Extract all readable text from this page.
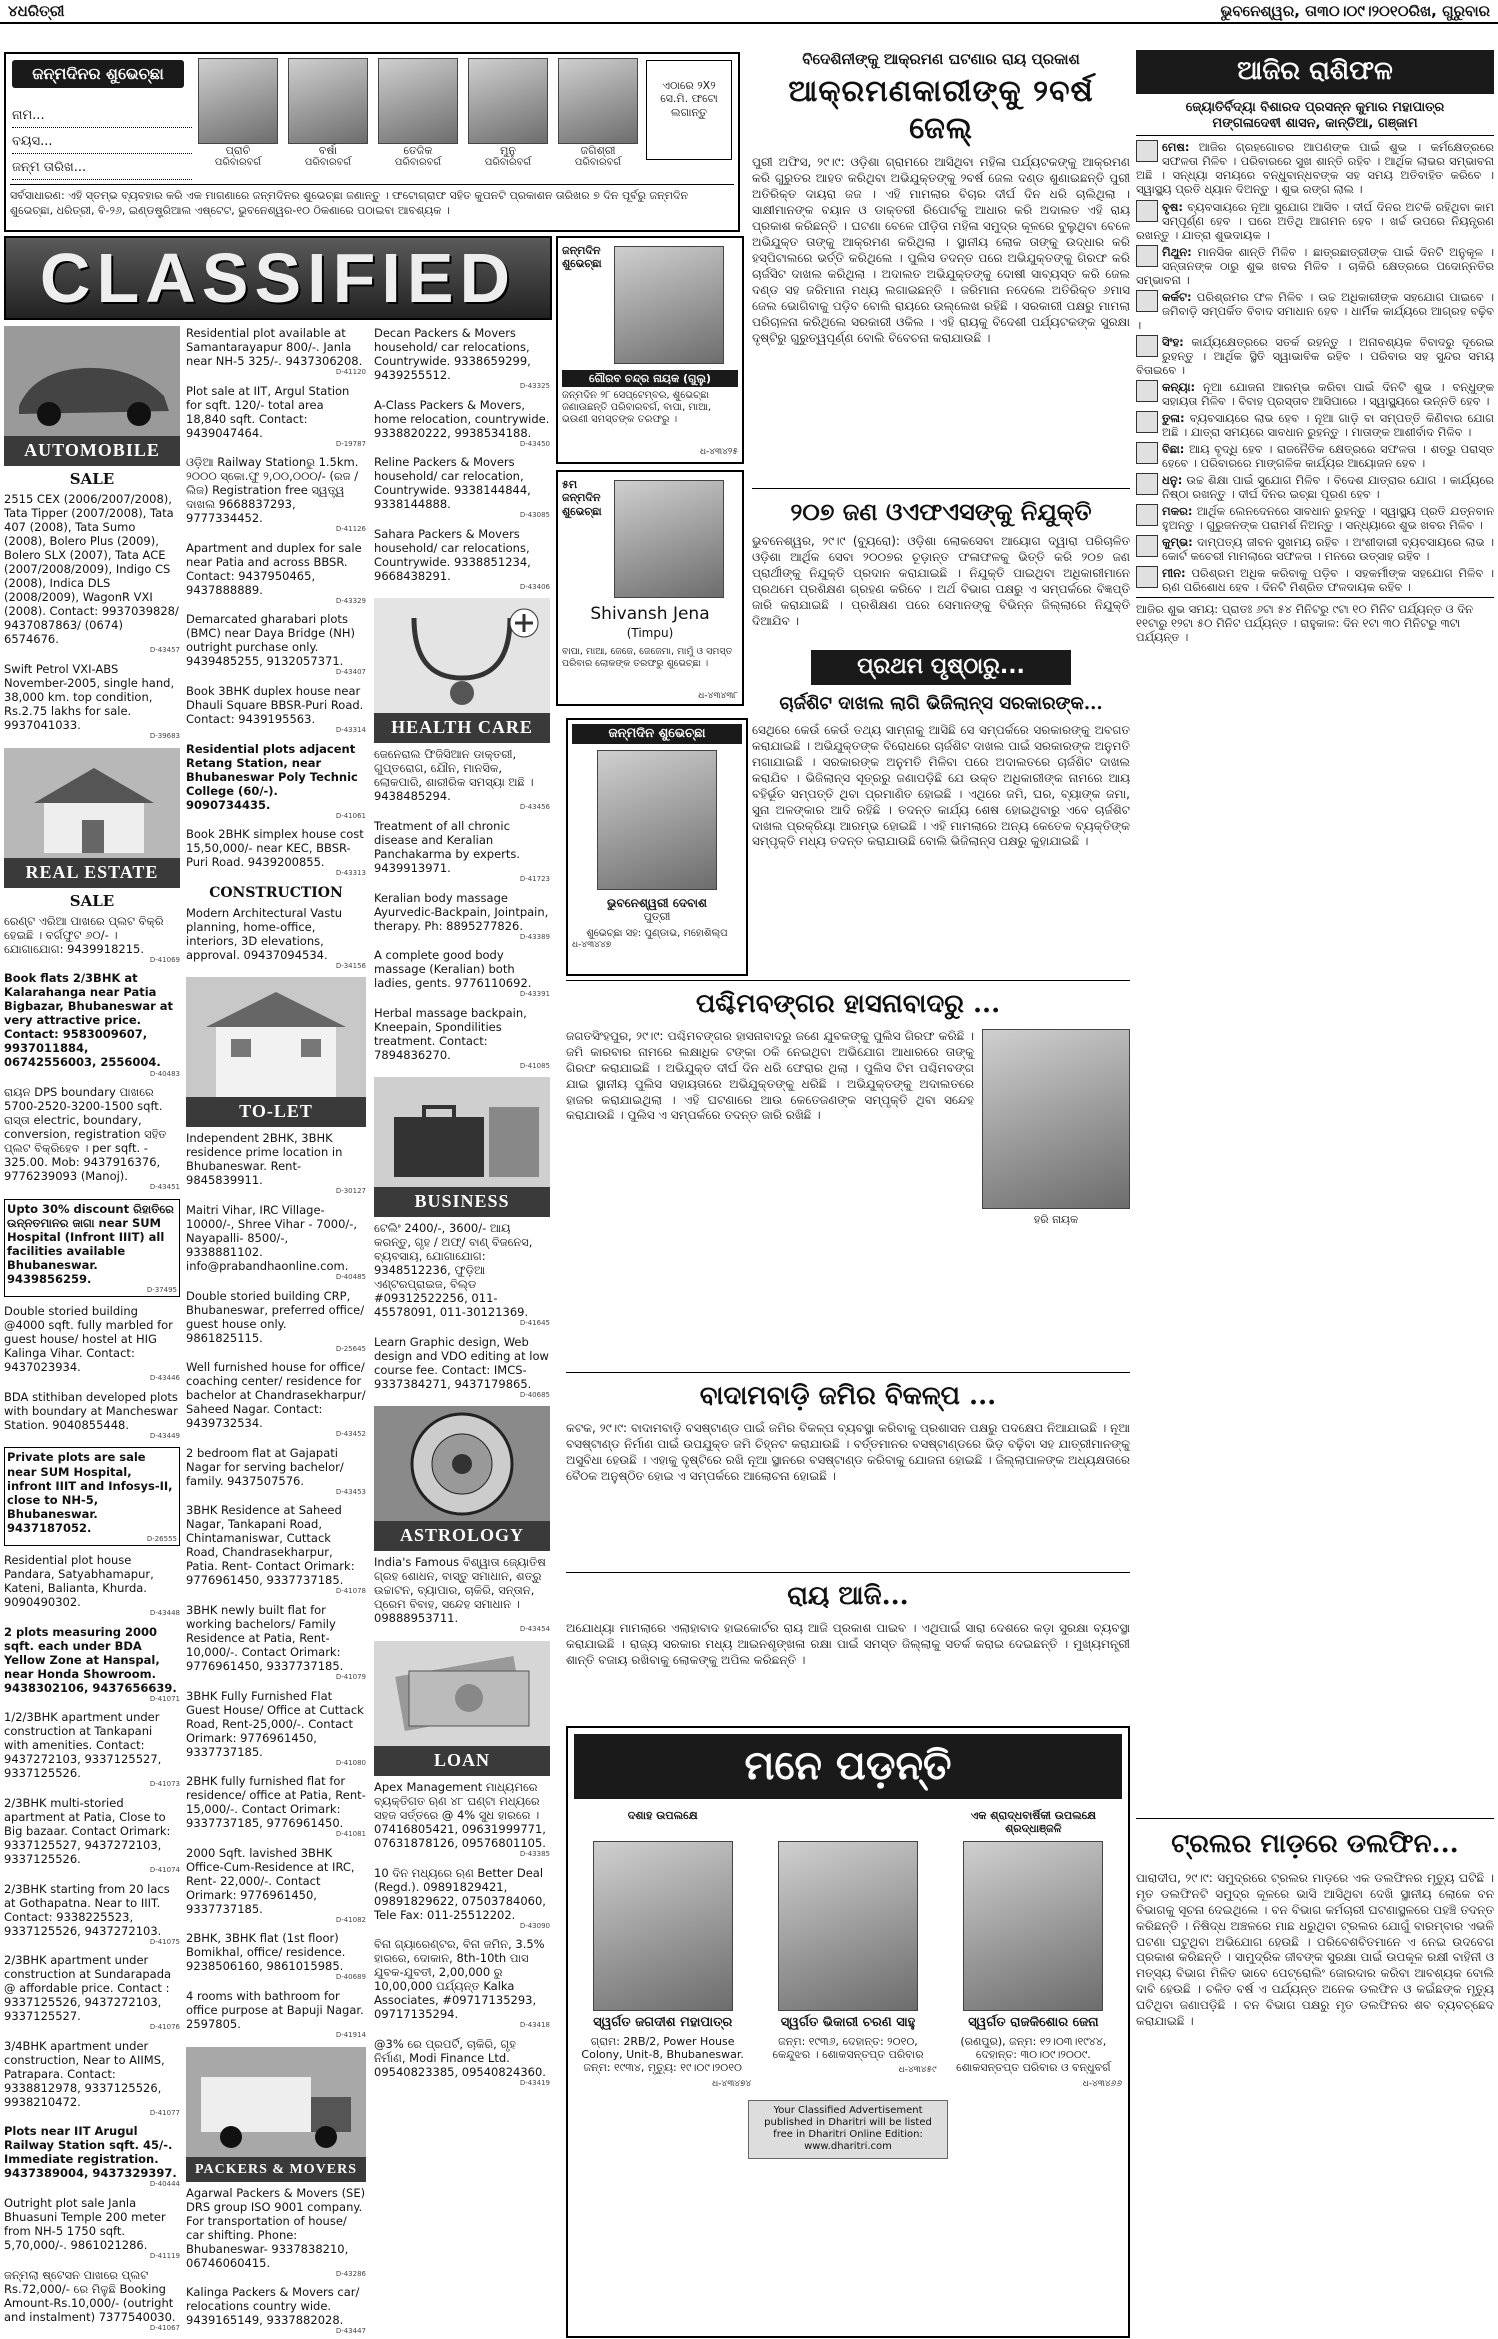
୪ଧରିତ୍ରୀ	ଭୁବନେଶ୍ୱର, ତା୩୦।୦୯।୨୦୧୦ରିଖ, ଗୁରୁବାର
ଜନ୍ମଦିନର ଶୁଭେଚ୍ଛା
ନାମ...
ବୟସ...
ଜନ୍ମ ତାରିଖ...
ପ୍ରାଚି
ପରିବାରବର୍ଗ
ବର୍ଷା
ପରିବାରବର୍ଗ
ତେଜିକ
ପରିବାରବର୍ଗ
ମୁନୁ
ପରିବାରବର୍ଗ
ଜଗିଶ୍ରୀ
ପରିବାରବର୍ଗ
ଏଠାରେ ୨X୨ ସେ.ମି. ଫଟୋ ଲଗାନ୍ତୁ
ସର୍ବସାଧାରଣ: ଏହି ସ୍ତମ୍ଭ ବ୍ୟବହାର କରି ଏକ ମାଗଣାରେ ଜନ୍ମଦିନର ଶୁଭେଚ୍ଛା ଜଣାନ୍ତୁ । ଫଟୋଗ୍ରାଫ ସହିତ କୁପନଟି ପ୍ରକାଶନ ତାରିଖର ୭ ଦିନ ପୂର୍ବରୁ ଜନ୍ମଦିନ ଶୁଭେଚ୍ଛା, ଧରିତ୍ରୀ, ବି-୨୬, ଇଣ୍ଡଷ୍ଟ୍ରିଆଲ ଏଷ୍ଟେଟ, ଭୁବନେଶ୍ୱର-୧୦ ଠିକଣାରେ ପଠାଇବା ଆବଶ୍ୟକ ।
CLASSIFIED
AUTOMOBILE
SALE
2515 CEX (2006/2007/2008), Tata Tipper (2007/2008), Tata 407 (2008), Tata Sumo (2008), Bolero Plus (2009), Bolero SLX (2007), Tata ACE (2007/2008/2009), Indigo CS (2008), Indica DLS (2008/2009), WagonR VXI (2008). Contact: 9937039828/ 9437087863/ (0674) 6574676.
D-43457
Swift Petrol VXI-ABS November-2005, single hand, 38,000 km. top condition, Rs.2.75 lakhs for sale. 9937041033.
D-39683
REAL ESTATE
SALE
ରେଣ୍ଟ ଏରିଆ ପାଖରେ ପ୍ଲଟ ବିକ୍ରି ହେଇଛି । ବର୍ଗଫୁଟ ୬୦/- । ଯୋଗାଯୋଗ: 9439918215.
D-41069
Book flats 2/3BHK at Kalarahanga near Patia Bigbazar, Bhubaneswar at very attractive price. Contact: 9583009607, 9937011884, 06742556003, 2556004.
D-40483
ରାୟନ DPS boundary ପାଖରେ 5700-2520-3200-1500 sqft. ରାସ୍ତା electric, boundary, conversion, registration ସହିତ ପ୍ଲଟ ବିକ୍ରିହେବ । per sqft. - 325.00. Mob: 9437916376, 9776239093 (Manoj).
D-43451
Upto 30% discount ରିହାତିରେ ଉନ୍ନତମାନର ଜାଗା near SUM Hospital (Infront IIIT) all facilities available Bhubaneswar. 9439856259.
D-37495
Double storied building @4000 sqft. fully marbled for guest house/ hostel at HIG Kalinga Vihar. Contact: 9437023934.
D-43446
BDA stithiban developed plots with boundary at Mancheswar Station. 9040855448.
D-43449
Private plots are sale near SUM Hospital, infront IIIT and Infosys-II, close to NH-5, Bhubaneswar. 9437187052.
D-26555
Residential plot house Pandara, Satyabhamapur, Kateni, Balianta, Khurda. 9090490302.
D-43448
2 plots measuring 2000 sqft. each under BDA Yellow Zone at Hanspal, near Honda Showroom. 9438302106, 9437656639.
D-41071
1/2/3BHK apartment under construction at Tankapani with amenities. Contact: 9437272103, 9337125527, 9337125526.
D-41073
2/3BHK multi-storied apartment at Patia, Close to Big bazaar. Contact Orimark: 9337125527, 9437272103, 9337125526.
D-41074
2/3BHK starting from 20 lacs at Gothapatna. Near to IIIT. Contact: 9338225523, 9337125526, 9437272103.
D-41075
2/3BHK apartment under construction at Sundarapada @ affordable price. Contact : 9337125526, 9437272103, 9337125527.
D-41076
3/4BHK apartment under construction, Near to AIIMS, Patrapara. Contact: 9338812978, 9337125526, 9938210472.
D-41077
Plots near IIT Arugul Railway Station sqft. 45/-. Immediate registration. 9437389004, 9437329397.
D-40444
Outright plot sale Janla Bhuasuni Temple 200 meter from NH-5 1750 sqft. 5,70,000/-. 9861021286.
D-41119
ଜନ୍ମଲା ଷ୍ଟେସନ ପାଖରେ ପ୍ଲଟ Rs.72,000/- ରେ ମିଳୁଛି Booking Amount-Rs.10,000/- (outright and instalment) 7377540030.
D-41067
Residential plot available at Samantarayapur 800/-. Janla near NH-5 325/-. 9437306208.
D-41120
Plot sale at IIT, Argul Station for sqft. 120/- total area 18,840 sqft. Contact: 9439047464.
D-19787
ଓଡ଼ିଆ Railway Stationରୁ 1.5km. ୨୦୦୦ ସ୍କୋ.ଫୁ ୨,୦୦,୦୦୦/- (ରଜ / ଲିଜ) Registration free ସ୍ୱତ୍ତ୍ୱ ଦାଖଲ 9668837293, 9777334452.
D-41126
Apartment and duplex for sale near Patia and across BBSR. Contact: 9437950465, 9437888889.
D-43329
Demarcated gharabari plots (BMC) near Daya Bridge (NH) outright purchase only. 9439485255, 9132057371.
D-43407
Book 3BHK duplex house near Dhauli Square BBSR-Puri Road. Contact: 9439195563.
D-43314
Residential plots adjacent Retang Station, near Bhubaneswar Poly Technic College (60/-). 9090734435.
D-41061
Book 2BHK simplex house cost 15,50,000/- near KEC, BBSR-Puri Road. 9439200855.
D-43313
CONSTRUCTION
Modern Architectural Vastu planning, home-office, interiors, 3D elevations, approval. 09437094534.
D-34156
TO-LET
Independent 2BHK, 3BHK residence prime location in Bhubaneswar. Rent- 9845839911.
D-30127
Maitri Vihar, IRC Village- 10000/-, Shree Vihar - 7000/-, Nayapalli- 8500/-, 9338881102. info@prabandhaonline.com.
D-40485
Double storied building CRP, Bhubaneswar, preferred office/ guest house only. 9861825115.
D-25645
Well furnished house for office/ coaching center/ residence for bachelor at Chandrasekharpur/ Saheed Nagar. Contact: 9439732534.
D-43452
2 bedroom flat at Gajapati Nagar for serving bachelor/ family. 9437507576.
D-43453
3BHK Residence at Saheed Nagar, Tankapani Road, Chintamaniswar, Cuttack Road, Chandrasekharpur, Patia. Rent- Contact Orimark: 9776961450, 9337737185.
D-41078
3BHK newly built flat for working bachelors/ Family Residence at Patia, Rent- 10,000/-. Contact Orimark: 9776961450, 9337737185.
D-41079
3BHK Fully Furnished Flat Guest House/ Office at Cuttack Road, Rent-25,000/-. Contact Orimark: 9776961450, 9337737185.
D-41080
2BHK fully furnished flat for residence/ office at Patia, Rent-15,000/-. Contact Orimark: 9337737185, 9776961450.
D-41081
2000 Sqft. lavished 3BHK Office-Cum-Residence at IRC, Rent- 22,000/-. Contact Orimark: 9776961450, 9337737185.
D-41082
2BHK, 3BHK flat (1st floor) Bomikhal, office/ residence. 9238506160, 9861015985.
D-40689
4 rooms with bathroom for office purpose at Bapuji Nagar. 2597805.
D-41914
PACKERS & MOVERS
Agarwal Packers & Movers (SE) DRS group ISO 9001 company. For transportation of house/ car shifting. Phone: Bhubaneswar- 9337838210, 06746060415.
D-43286
Kalinga Packers & Movers car/ relocations country wide. 9439165149, 9337882028.
D-43447
Decan Packers & Movers household/ car relocations, Countrywide. 9338659299, 9439255512.
D-43325
A-Class Packers & Movers, home relocation, countrywide. 9338820222, 9938534188.
D-43450
Reline Packers & Movers household/ car relocation, Countrywide. 9338144844, 9338144888.
D-43085
Sahara Packers & Movers household/ car relocations, Countrywide. 9338851234, 9668438291.
D-43406
HEALTH CARE
ଜେନେରାଲ ଫିଜିସିଆନ ଡାକ୍ତରୀ, ଗୁପ୍ତରୋଗ, ଯୌନ, ମାନସିକ, ଲୋକପାରି, ଶାରୀରିକ ସମସ୍ୟା ଅଛି । 9438485294.
D-43456
Treatment of all chronic disease and Keralian Panchakarma by experts. 9439913971.
D-41723
Keralian body massage Ayurvedic-Backpain, Jointpain, therapy. Ph: 8895277826.
D-43389
A complete good body massage (Keralian) both ladies, gents. 9776110692.
D-43391
Herbal massage backpain, Kneepain, Spondilities treatment. Contact: 7894836270.
D-41085
BUSINESS
ଟେଲିଂ 2400/-, 3600/- ଆୟ କରନ୍ତୁ, ଗୃହ / ଅଫ୍/ ବାଣ୍ ବିଜନେସ, ବ୍ୟବସାୟ, ଯୋଗାଯୋଗ: 9348512236, ଫୁଡ଼ିଆ ଏଣ୍ଟରପ୍ରାଇଜ, ବିଲ୍ଡ #09312522256, 011-45578091, 011-30121369.
D-41645
Learn Graphic design, Web design and VDO editing at low course fee. Contact: IMCS- 9337384271, 9437179865.
D-40685
ASTROLOGY
India's Famous ବିଶ୍ୱାତା ଜ୍ୟୋତିଷ ଗ୍ରହ ଶୋଧନ, ବାସ୍ତୁ ସମାଧାନ, ଶତ୍ରୁ ଉଚ୍ଚାଟନ, ବ୍ୟାପାର, ଚାକିରି, ସନ୍ତାନ, ପ୍ରେମ ବିବାହ, ସନ୍ଦେହ ସମାଧାନ । 09888953711.
D-43454
LOAN
Apex Management ମାଧ୍ୟମରେ ବ୍ୟକ୍ତିଗତ ଋଣ ୪୮ ଘଣ୍ଟା ମଧ୍ୟରେ ସହଜ ସର୍ତ୍ତରେ @ 4% ସୁଧ ହାରରେ । 07416805421, 09631999771, 07631878126, 09576801105.
D-43385
10 ଦିନ ମଧ୍ୟରେ ଋଣ Better Deal (Regd.). 09891829421, 09891829622, 07503784060, Tele Fax: 011-25512202.
D-43090
ବିନା ଗ୍ୟାରେଣ୍ଟର, ବିନା ଜମିନ, 3.5% ହାରରେ, ଦୋକାନ, 8th-10th ପାସ ଯୁବକ-ଯୁବତୀ, 2,00,000 ରୁ 10,00,000 ପର୍ଯ୍ୟନ୍ତ Kalka Associates, #09717135293, 09717135294.
D-43418
@3% ରେ ପ୍ରପର୍ଟି, ଚାକିରି, ଗୃହ ନିର୍ମାଣ, Modi Finance Ltd. 09540823385, 09540824360.
D-43419
ଜନ୍ମଦିନ ଶୁଭେଚ୍ଛା
ଗୌରବ ଚନ୍ଦ୍ର ନାୟକ (ଗୁଲୁ)
ଜନ୍ମଦିନ ୨୮ ସେପ୍ଟେମ୍ବର, ଶୁଭେଚ୍ଛା ଜଣାଉଛନ୍ତି ପରିବାରବର୍ଗ, ବାପା, ମାଆ, ଭଉଣୀ ସମସ୍ତଙ୍କ ତରଫରୁ ।
ଧ-୪୩୪୨୫
୫ମ ଜନ୍ମଦିନ ଶୁଭେଚ୍ଛା
Shivansh Jena
(Timpu)
ବାପା, ମାଆ, ଜେଜେ, ଜେଜେମା, ମାମୁଁ ଓ ସମସ୍ତ ପରିବାର ଲୋକଙ୍କ ତରଫରୁ ଶୁଭେଚ୍ଛା ।
ଧ-୪୩୪୩୮
ଜନ୍ମଦିନ ଶୁଭେଚ୍ଛା
ଭୁବନେଶ୍ୱରୀ ଦେବାଶ
ପୁତ୍ରୀ
ଶୁଭେଚ୍ଛା ସହ: ପୁଣ୍ଡାଭ, ମହୋଶିଲ୍ପ
ଧ-୪୩୪୪୭
ବିଦେଶିନୀଙ୍କୁ ଆକ୍ରମଣ ଘଟଣାର ରାୟ ପ୍ରକାଶ
ଆକ୍ରମଣକାରୀଙ୍କୁ ୨ବର୍ଷ ଜେଲ୍

ପୁରୀ ଅଫିସ, ୨୯।୯: ଓଡ଼ିଶା ଗ୍ରାମରେ ଆସିଥିବା ମହିଳା ପର୍ଯ୍ୟଟକଙ୍କୁ ଆକ୍ରମଣ କରି ଗୁରୁତର ଆହତ କରିଥିବା ଅଭିଯୁକ୍ତଙ୍କୁ ୨ବର୍ଷ ଜେଲ ଦଣ୍ଡ ଶୁଣାଇଛନ୍ତି ପୁରୀ ଅତିରିକ୍ତ ଦାୟରା ଜଜ । ଏହି ମାମଲାର ବିଚାର ଦୀର୍ଘ ଦିନ ଧରି ଚାଲିଥିଲା । ସାକ୍ଷୀମାନଙ୍କ ବୟାନ ଓ ଡାକ୍ତରୀ ରିପୋର୍ଟକୁ ଆଧାର କରି ଅଦାଲତ ଏହି ରାୟ ପ୍ରକାଶ କରିଛନ୍ତି । ଘଟଣା ବେଳେ ପୀଡ଼ିତା ମହିଳା ସମୁଦ୍ର କୂଳରେ ବୁଲୁଥିବା ବେଳେ ଅଭିଯୁକ୍ତ ତାଙ୍କୁ ଆକ୍ରମଣ କରିଥିଲା । ସ୍ଥାନୀୟ ଲୋକ ତାଙ୍କୁ ଉଦ୍ଧାର କରି ହସ୍ପିଟାଲରେ ଭର୍ତ୍ତି କରିଥିଲେ । ପୁଲିସ ତଦନ୍ତ ପରେ ଅଭିଯୁକ୍ତଙ୍କୁ ଗିରଫ କରି ଚାର୍ଜସିଟ ଦାଖଲ କରିଥିଲା । ଅଦାଲତ ଅଭିଯୁକ୍ତଙ୍କୁ ଦୋଷୀ ସାବ୍ୟସ୍ତ କରି ଜେଲ ଦଣ୍ଡ ସହ ଜରିମାନା ମଧ୍ୟ ଲଗାଇଛନ୍ତି । ଜରିମାନା ନଦେଲେ ଅତିରିକ୍ତ ୬ମାସ ଜେଲ ଭୋଗିବାକୁ ପଡ଼ିବ ବୋଲି ରାୟରେ ଉଲ୍ଲେଖ ରହିଛି । ସରକାରୀ ପକ୍ଷରୁ ମାମଲା ପରିଚାଳନା କରିଥିଲେ ସରକାରୀ ଓକିଲ । ଏହି ରାୟକୁ ବିଦେଶୀ ପର୍ଯ୍ୟଟକଙ୍କ ସୁରକ୍ଷା ଦୃଷ୍ଟିରୁ ଗୁରୁତ୍ୱପୂର୍ଣ୍ଣ ବୋଲି ବିବେଚନା କରାଯାଉଛି ।

୨୦୭ ଜଣ ଓଏଫଏସଙ୍କୁ ନିଯୁକ୍ତି

ଭୁବନେଶ୍ୱର, ୨୯।୯ (ବ୍ୟୁରୋ): ଓଡ଼ିଶା ଲୋକସେବା ଆୟୋଗ ଦ୍ୱାରା ପରିଚାଳିତ ଓଡ଼ିଶା ଆର୍ଥିକ ସେବା ୨୦୦୭ର ଚୂଡ଼ାନ୍ତ ଫଳାଫଳକୁ ଭିତ୍ତି କରି ୨୦୭ ଜଣ ପ୍ରାର୍ଥୀଙ୍କୁ ନିଯୁକ୍ତି ପ୍ରଦାନ କରାଯାଇଛି । ନିଯୁକ୍ତି ପାଇଥିବା ଅଧିକାରୀମାନେ ପ୍ରଥମେ ପ୍ରଶିକ୍ଷଣ ଗ୍ରହଣ କରିବେ । ଅର୍ଥ ବିଭାଗ ପକ୍ଷରୁ ଏ ସମ୍ପର୍କରେ ବିଜ୍ଞପ୍ତି ଜାରି କରାଯାଇଛି । ପ୍ରଶିକ୍ଷଣ ପରେ ସେମାନଙ୍କୁ ବିଭିନ୍ନ ଜିଲ୍ଲାରେ ନିଯୁକ୍ତି ଦିଆଯିବ ।

ପ୍ରଥମ ପୃଷ୍ଠାରୁ...
ଚାର୍ଜଶିଟ ଦାଖଲ ଲାଗି ଭିଜିଲାନ୍ସ ସରକାରଙ୍କ...

ସେଥିରେ କେଉଁ କେଉଁ ତଥ୍ୟ ସାମ୍ନାକୁ ଆସିଛି ସେ ସମ୍ପର୍କରେ ସରକାରଙ୍କୁ ଅବଗତ କରାଯାଇଛି । ଅଭିଯୁକ୍ତଙ୍କ ବିରୋଧରେ ଚାର୍ଜଶିଟ ଦାଖଲ ପାଇଁ ସରକାରଙ୍କ ଅନୁମତି ମଗାଯାଇଛି । ସରକାରଙ୍କ ଅନୁମତି ମିଳିବା ପରେ ଅଦାଲତରେ ଚାର୍ଜଶିଟ ଦାଖଲ କରାଯିବ । ଭିଜିଲାନ୍ସ ସୂତ୍ରରୁ ଜଣାପଡ଼ିଛି ଯେ ଉକ୍ତ ଅଧିକାରୀଙ୍କ ନାମରେ ଆୟ ବହିର୍ଭୂତ ସମ୍ପତ୍ତି ଥିବା ପ୍ରମାଣିତ ହୋଇଛି । ଏଥିରେ ଜମି, ଘର, ବ୍ୟାଙ୍କ ଜମା, ସୁନା ଅଳଙ୍କାର ଆଦି ରହିଛି । ତଦନ୍ତ କାର୍ଯ୍ୟ ଶେଷ ହୋଇଥିବାରୁ ଏବେ ଚାର୍ଜଶିଟ ଦାଖଲ ପ୍ରକ୍ରିୟା ଆରମ୍ଭ ହୋଇଛି । ଏହି ମାମଲାରେ ଅନ୍ୟ କେତେକ ବ୍ୟକ୍ତିଙ୍କ ସମ୍ପୃକ୍ତି ମଧ୍ୟ ତଦନ୍ତ କରାଯାଉଛି ବୋଲି ଭିଜିଲାନ୍ସ ପକ୍ଷରୁ କୁହାଯାଇଛି ।

ପଶ୍ଚିମବଙ୍ଗର ହାସନାବାଦରୁ ...
ହରି ନାୟକ

ଜଗତସିଂହପୁର, ୨୯।୯: ପଶ୍ଚିମବଙ୍ଗର ହାସନାବାଦରୁ ଜଣେ ଯୁବକଙ୍କୁ ପୁଲିସ ଗିରଫ କରିଛି । ଜମି କାରବାର ନାମରେ ଲକ୍ଷାଧିକ ଟଙ୍କା ଠକି ନେଇଥିବା ଅଭିଯୋଗ ଆଧାରରେ ତାଙ୍କୁ ଗିରଫ କରାଯାଇଛି । ଅଭିଯୁକ୍ତ ଦୀର୍ଘ ଦିନ ଧରି ଫେରାର ଥିଲା । ପୁଲିସ ଟିମ ପଶ୍ଚିମବଙ୍ଗ ଯାଇ ସ୍ଥାନୀୟ ପୁଲିସ ସହାୟତାରେ ଅଭିଯୁକ୍ତଙ୍କୁ ଧରିଛି । ଅଭିଯୁକ୍ତଙ୍କୁ ଅଦାଲତରେ ହାଜର କରାଯାଇଥିଲା । ଏହି ଘଟଣାରେ ଆଉ କେତେଜଣଙ୍କ ସମ୍ପୃକ୍ତି ଥିବା ସନ୍ଦେହ କରାଯାଉଛି । ପୁଲିସ ଏ ସମ୍ପର୍କରେ ତଦନ୍ତ ଜାରି ରଖିଛି ।

ବାଦାମବାଡ଼ି ଜମିର ବିକଳ୍ପ ...

କଟକ, ୨୯।୯: ବାଦାମବାଡ଼ି ବସଷ୍ଟାଣ୍ଡ ପାଇଁ ଜମିର ବିକଳ୍ପ ବ୍ୟବସ୍ଥା କରିବାକୁ ପ୍ରଶାସନ ପକ୍ଷରୁ ପଦକ୍ଷେପ ନିଆଯାଇଛି । ନୂଆ ବସଷ୍ଟାଣ୍ଡ ନିର୍ମାଣ ପାଇଁ ଉପଯୁକ୍ତ ଜମି ଚିହ୍ନଟ କରାଯାଉଛି । ବର୍ତ୍ତମାନର ବସଷ୍ଟାଣ୍ଡରେ ଭିଡ଼ ବଢ଼ିବା ସହ ଯାତ୍ରୀମାନଙ୍କୁ ଅସୁବିଧା ହେଉଛି । ଏହାକୁ ଦୃଷ୍ଟିରେ ରଖି ନୂଆ ସ୍ଥାନରେ ବସଷ୍ଟାଣ୍ଡ କରିବାକୁ ଯୋଜନା ହୋଇଛି । ଜିଲ୍ଲାପାଳଙ୍କ ଅଧ୍ୟକ୍ଷତାରେ ବୈଠକ ଅନୁଷ୍ଠିତ ହୋଇ ଏ ସମ୍ପର୍କରେ ଆଲୋଚନା ହୋଇଛି ।

ରାୟ ଆଜି...

ଅଯୋଧ୍ୟା ମାମଲାରେ ଏଲାହାବାଦ ହାଇକୋର୍ଟର ରାୟ ଆଜି ପ୍ରକାଶ ପାଇବ । ଏଥିପାଇଁ ସାରା ଦେଶରେ କଡ଼ା ସୁରକ୍ଷା ବ୍ୟବସ୍ଥା କରାଯାଇଛି । ରାଜ୍ୟ ସରକାର ମଧ୍ୟ ଆଇନଶୃଙ୍ଖଳା ରକ୍ଷା ପାଇଁ ସମସ୍ତ ଜିଲ୍ଲାକୁ ସତର୍କ କରାଇ ଦେଇଛନ୍ତି । ମୁଖ୍ୟମନ୍ତ୍ରୀ ଶାନ୍ତି ବଜାୟ ରଖିବାକୁ ଲୋକଙ୍କୁ ଅପିଲ କରିଛନ୍ତି ।

ମନେ ପଡ଼ନ୍ତି
ଦଶାହ ଉପଲକ୍ଷେ
ସ୍ୱର୍ଗତ ଜଗଦୀଶ ମହାପାତ୍ର
ଗ୍ରାମ: 2RB/2, Power House Colony, Unit-8, Bhubaneswar. ଜନ୍ମ: ୧୯୩୪, ମୃତ୍ୟୁ: ୧୯।୦୯।୨୦୧୦
ଧ-୪୩୪୭୪
ସ୍ୱର୍ଗତ ଭିକାରୀ ଚରଣ ସାହୁ
ଜନ୍ମ: ୧୯୩୬, ଦେହାନ୍ତ: ୨୦୧୦, କେନ୍ଦୁଝର । ଶୋକସନ୍ତପ୍ତ ପରିବାର
ଧ-୪୩୪୫୯
ଏକ ଶ୍ରାଦ୍ଧବାର୍ଷିକୀ ଉପଲକ୍ଷେ ଶ୍ରଦ୍ଧାଞ୍ଜଳି
ସ୍ୱର୍ଗତ ରାଜକିଶୋର ଜେନା
(ରଣପୁର), ଜନ୍ମ: ୧୨।୦୩।୧୯୪୪, ଦେହାନ୍ତ: ୩୦।୦୯।୨୦୦୯. ଶୋକସନ୍ତପ୍ତ ପରିବାର ଓ ବନ୍ଧୁବର୍ଗ
ଧ-୪୩୪୬୬
Your Classified Advertisement published in Dharitri will be listed free in Dharitri Online Edition: www.dharitri.com
ଆଜିର ରାଶିଫଳ
ଜ୍ୟୋତିର୍ବିଦ୍ୟା ବିଶାରଦ ପ୍ରସନ୍ନ କୁମାର ମହାପାତ୍ର
ମଙ୍ଗଳାଦେଵୀ ଶାସନ, କାନ୍ତିଆ, ଗଞ୍ଜାମ

ମେଷ: ଆଜିର ଗ୍ରହଗୋଚର ଆପଣଙ୍କ ପାଇଁ ଶୁଭ । କର୍ମକ୍ଷେତ୍ରରେ ସଫଳତା ମିଳିବ । ପରିବାରରେ ସୁଖ ଶାନ୍ତି ରହିବ । ଆର୍ଥିକ ଲାଭର ସମ୍ଭାବନା ଅଛି । ସନ୍ଧ୍ୟା ସମୟରେ ବନ୍ଧୁବାନ୍ଧବଙ୍କ ସହ ସମୟ ଅତିବାହିତ କରିବେ । ସ୍ୱାସ୍ଥ୍ୟ ପ୍ରତି ଧ୍ୟାନ ଦିଅନ୍ତୁ । ଶୁଭ ରଙ୍ଗ ଲାଲ ।

ବୃଷ: ବ୍ୟବସାୟରେ ନୂଆ ସୁଯୋଗ ଆସିବ । ଦୀର୍ଘ ଦିନର ଅଟକି ରହିଥିବା କାମ ସମ୍ପୂର୍ଣ୍ଣ ହେବ । ଘରେ ଅତିଥି ଆଗମନ ହେବ । ଖର୍ଚ୍ଚ ଉପରେ ନିୟନ୍ତ୍ରଣ ରଖନ୍ତୁ । ଯାତ୍ରା ଶୁଭଦାୟକ ।

ମିଥୁନ: ମାନସିକ ଶାନ୍ତି ମିଳିବ । ଛାତ୍ରଛାତ୍ରୀଙ୍କ ପାଇଁ ଦିନଟି ଅନୁକୂଳ । ସନ୍ତାନଙ୍କ ଠାରୁ ଶୁଭ ଖବର ମିଳିବ । ଚାକିରି କ୍ଷେତ୍ରରେ ପଦୋନ୍ନତିର ସମ୍ଭାବନା ।

କର୍କଟ: ପରିଶ୍ରମର ଫଳ ମିଳିବ । ଉଚ୍ଚ ଅଧିକାରୀଙ୍କ ସହଯୋଗ ପାଇବେ । ଜମିବାଡ଼ି ସମ୍ପର୍କିତ ବିବାଦ ସମାଧାନ ହେବ । ଧାର୍ମିକ କାର୍ଯ୍ୟରେ ଆଗ୍ରହ ବଢ଼ିବ ।

ସିଂହ: କାର୍ଯ୍ୟକ୍ଷେତ୍ରରେ ସତର୍କ ରହନ୍ତୁ । ଅନାବଶ୍ୟକ ବିବାଦରୁ ଦୂରେଇ ରୁହନ୍ତୁ । ଆର୍ଥିକ ସ୍ଥିତି ସ୍ୱାଭାବିକ ରହିବ । ପରିବାର ସହ ସୁନ୍ଦର ସମୟ ବିତାଇବେ ।

କନ୍ୟା: ନୂଆ ଯୋଜନା ଆରମ୍ଭ କରିବା ପାଇଁ ଦିନଟି ଶୁଭ । ବନ୍ଧୁଙ୍କ ସହାୟତା ମିଳିବ । ବିବାହ ପ୍ରସ୍ତାବ ଆସିପାରେ । ସ୍ୱାସ୍ଥ୍ୟରେ ଉନ୍ନତି ହେବ ।

ତୁଳା: ବ୍ୟବସାୟରେ ଲାଭ ହେବ । ନୂଆ ଗାଡ଼ି ବା ସମ୍ପତ୍ତି କିଣିବାର ଯୋଗ ଅଛି । ଯାତ୍ରା ସମୟରେ ସାବଧାନ ରୁହନ୍ତୁ । ମାତାଙ୍କ ଆଶୀର୍ବାଦ ମିଳିବ ।

ବିଛା: ଆୟ ବୃଦ୍ଧି ହେବ । ରାଜନୈତିକ କ୍ଷେତ୍ରରେ ସଫଳତା । ଶତ୍ରୁ ପରାସ୍ତ ହେବେ । ପରିବାରରେ ମାଙ୍ଗଳିକ କାର୍ଯ୍ୟର ଆୟୋଜନ ହେବ ।

ଧନୁ: ଉଚ୍ଚ ଶିକ୍ଷା ପାଇଁ ସୁଯୋଗ ମିଳିବ । ବିଦେଶ ଯାତ୍ରାର ଯୋଗ । କାର୍ଯ୍ୟରେ ନିଷ୍ଠା ରଖନ୍ତୁ । ଦୀର୍ଘ ଦିନର ଇଚ୍ଛା ପୂରଣ ହେବ ।

ମକର: ଆର୍ଥିକ ଲେନଦେନରେ ସାବଧାନ ରୁହନ୍ତୁ । ସ୍ୱାସ୍ଥ୍ୟ ପ୍ରତି ଯତ୍ନବାନ ହୁଅନ୍ତୁ । ଗୁରୁଜନଙ୍କ ପରାମର୍ଶ ନିଅନ୍ତୁ । ସନ୍ଧ୍ୟାରେ ଶୁଭ ଖବର ମିଳିବ ।

କୁମ୍ଭ: ଦାମ୍ପତ୍ୟ ଜୀବନ ସୁଖମୟ ରହିବ । ଅଂଶୀଦାରୀ ବ୍ୟବସାୟରେ ଲାଭ । କୋର୍ଟ କଚେରୀ ମାମଲାରେ ସଫଳତା । ମନରେ ଉତ୍ସାହ ରହିବ ।

ମୀନ: ପରିଶ୍ରମ ଅଧିକ କରିବାକୁ ପଡ଼ିବ । ସହକର୍ମୀଙ୍କ ସହଯୋଗ ମିଳିବ । ଋଣ ପରିଶୋଧ ହେବ । ଦିନଟି ମିଶ୍ରିତ ଫଳଦାୟକ ରହିବ ।

ଆଜିର ଶୁଭ ସମୟ: ପ୍ରାତଃ ୬ଟା ୫୪ ମିନିଟରୁ ୯ଟା ୧୦ ମିନିଟ ପର୍ଯ୍ୟନ୍ତ ଓ ଦିନ ୧୧ଟାରୁ ୧୨ଟା ୫୦ ମିନିଟ ପର୍ଯ୍ୟନ୍ତ । ରାହୁକାଳ: ଦିନ ୧ଟା ୩୦ ମିନିଟରୁ ୩ଟା ପର୍ଯ୍ୟନ୍ତ ।
ଟ୍ରଲର ମାଡ଼ରେ ଡଲଫିନ...

ପାରାଦୀପ, ୨୯।୯: ସମୁଦ୍ରରେ ଟ୍ରଲର ମାଡ଼ରେ ଏକ ଡଲଫିନର ମୃତ୍ୟୁ ଘଟିଛି । ମୃତ ଡଲଫିନଟି ସମୁଦ୍ର କୂଳରେ ଭାସି ଆସିଥିବା ଦେଖି ସ୍ଥାନୀୟ ଲୋକେ ବନ ବିଭାଗକୁ ସୂଚନା ଦେଇଥିଲେ । ବନ ବିଭାଗ କର୍ମଚାରୀ ଘଟଣାସ୍ଥଳରେ ପହଞ୍ଚି ତଦନ୍ତ କରିଛନ୍ତି । ନିଷିଦ୍ଧ ଅଞ୍ଚଳରେ ମାଛ ଧରୁଥିବା ଟ୍ରଲର ଯୋଗୁଁ ବାରମ୍ବାର ଏଭଳି ଘଟଣା ଘଟୁଥିବା ଅଭିଯୋଗ ହେଉଛି । ପରିବେଶବିତମାନେ ଏ ନେଇ ଉଦବେଗ ପ୍ରକାଶ କରିଛନ୍ତି । ସାମୁଦ୍ରିକ ଜୀବଙ୍କ ସୁରକ୍ଷା ପାଇଁ ଉପକୂଳ ରକ୍ଷୀ ବାହିନୀ ଓ ମତ୍ସ୍ୟ ବିଭାଗ ମିଳିତ ଭାବେ ପେଟ୍ରୋଲିଂ ଜୋରଦାର କରିବା ଆବଶ୍ୟକ ବୋଲି ଦାବି ହେଉଛି । ଚଳିତ ବର୍ଷ ଏ ପର୍ଯ୍ୟନ୍ତ ଅନେକ ଡଲଫିନ ଓ କଇଁଛଙ୍କ ମୃତ୍ୟୁ ଘଟିଥିବା ଜଣାପଡ଼ିଛି । ବନ ବିଭାଗ ପକ୍ଷରୁ ମୃତ ଡଲଫିନର ଶବ ବ୍ୟବଚ୍ଛେଦ କରାଯାଇଛି ।
